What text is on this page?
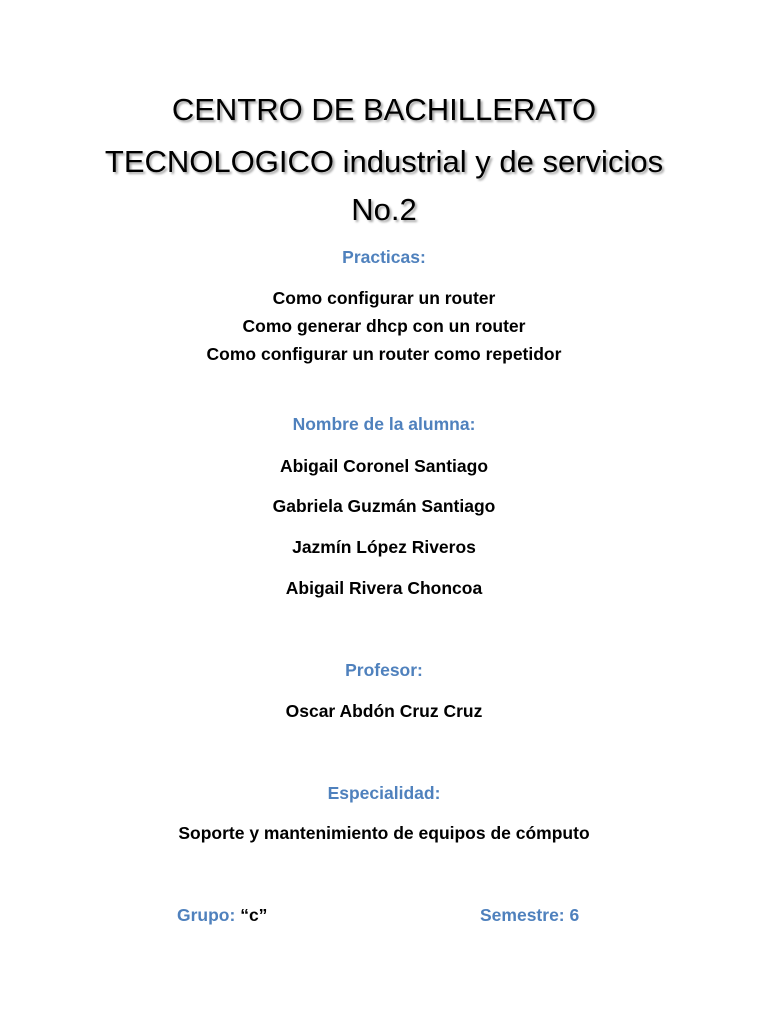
CENTRO DE BACHILLERATO
TECNOLOGICO industrial y de servicios
No.2
Practicas:
Como configurar un router
Como generar dhcp con un router
Como configurar un router como repetidor
Nombre de la alumna:
Abigail Coronel Santiago
Gabriela Guzmán Santiago
Jazmín López Riveros
Abigail Rivera Choncoa
Profesor:
Oscar Abdón Cruz Cruz
Especialidad:
Soporte y mantenimiento de equipos de cómputo
Grupo: “c”	Semestre: 6
